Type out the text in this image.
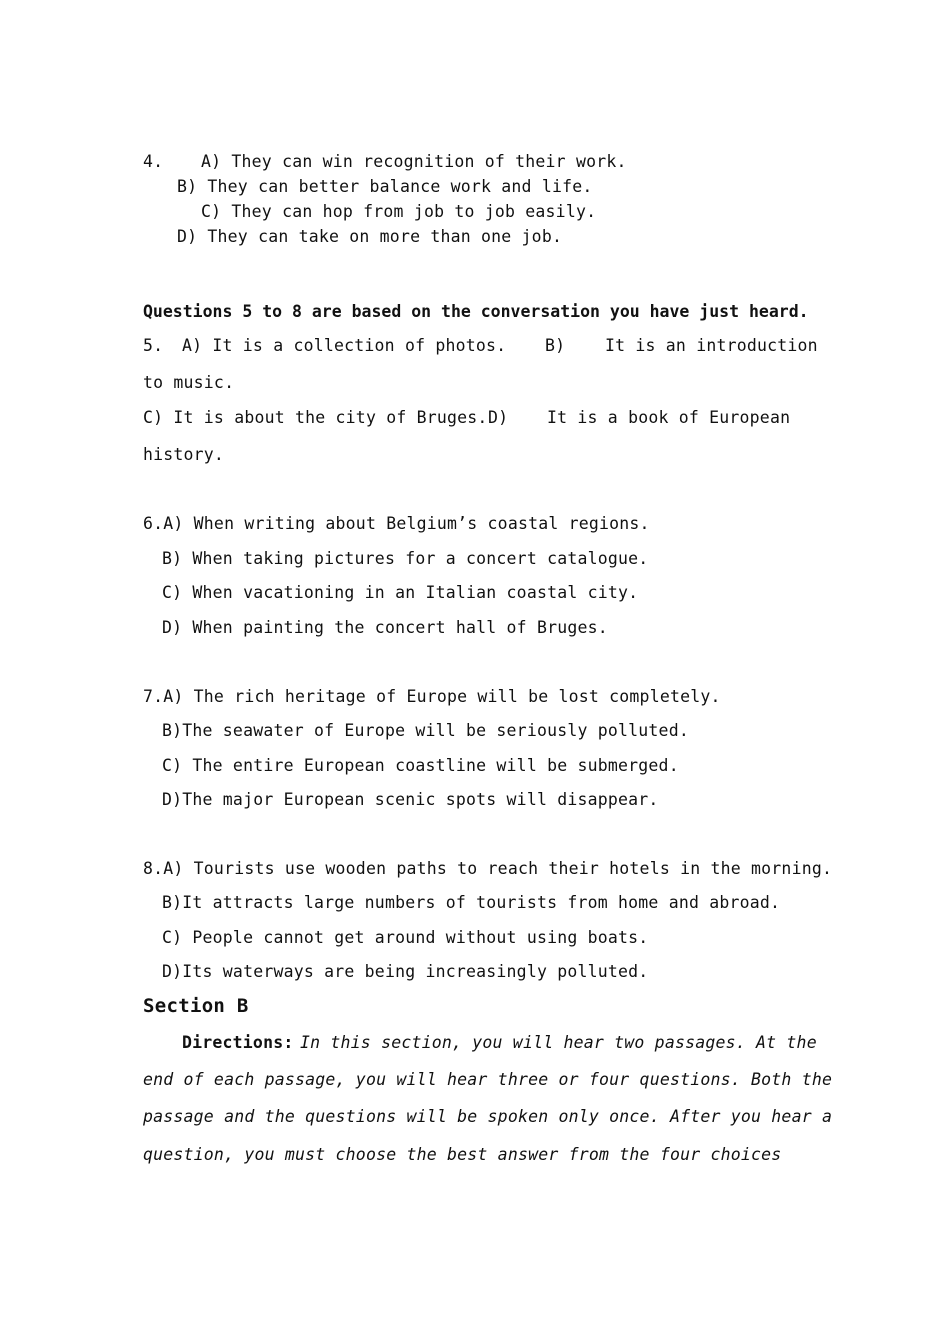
4. A) They can win recognition of their work.
B) They can better balance work and life.
C) They can hop from job to job easily.
D) They can take on more than one job.
Questions 5 to 8 are based on the conversation you have just heard.
5. A) It is a collection of photos. B) It is an introduction
to music.
C) It is about the city of Bruges. D) It is a book of European
history.
6.A) When writing about Belgium’s coastal regions.
B) When taking pictures for a concert catalogue.
C) When vacationing in an Italian coastal city.
D) When painting the concert hall of Bruges.
7.A) The rich heritage of Europe will be lost completely.
B)The seawater of Europe will be seriously polluted.
C) The entire European coastline will be submerged.
D)The major European scenic spots will disappear.
8.A) Tourists use wooden paths to reach their hotels in the morning.
B)It attracts large numbers of tourists from home and abroad.
C) People cannot get around without using boats.
D)Its waterways are being increasingly polluted.
Section B
Directions: In this section, you will hear two passages. At the
end of each passage, you will hear three or four questions. Both the
passage and the questions will be spoken only once. After you hear a
question, you must choose the best answer from the four choices
